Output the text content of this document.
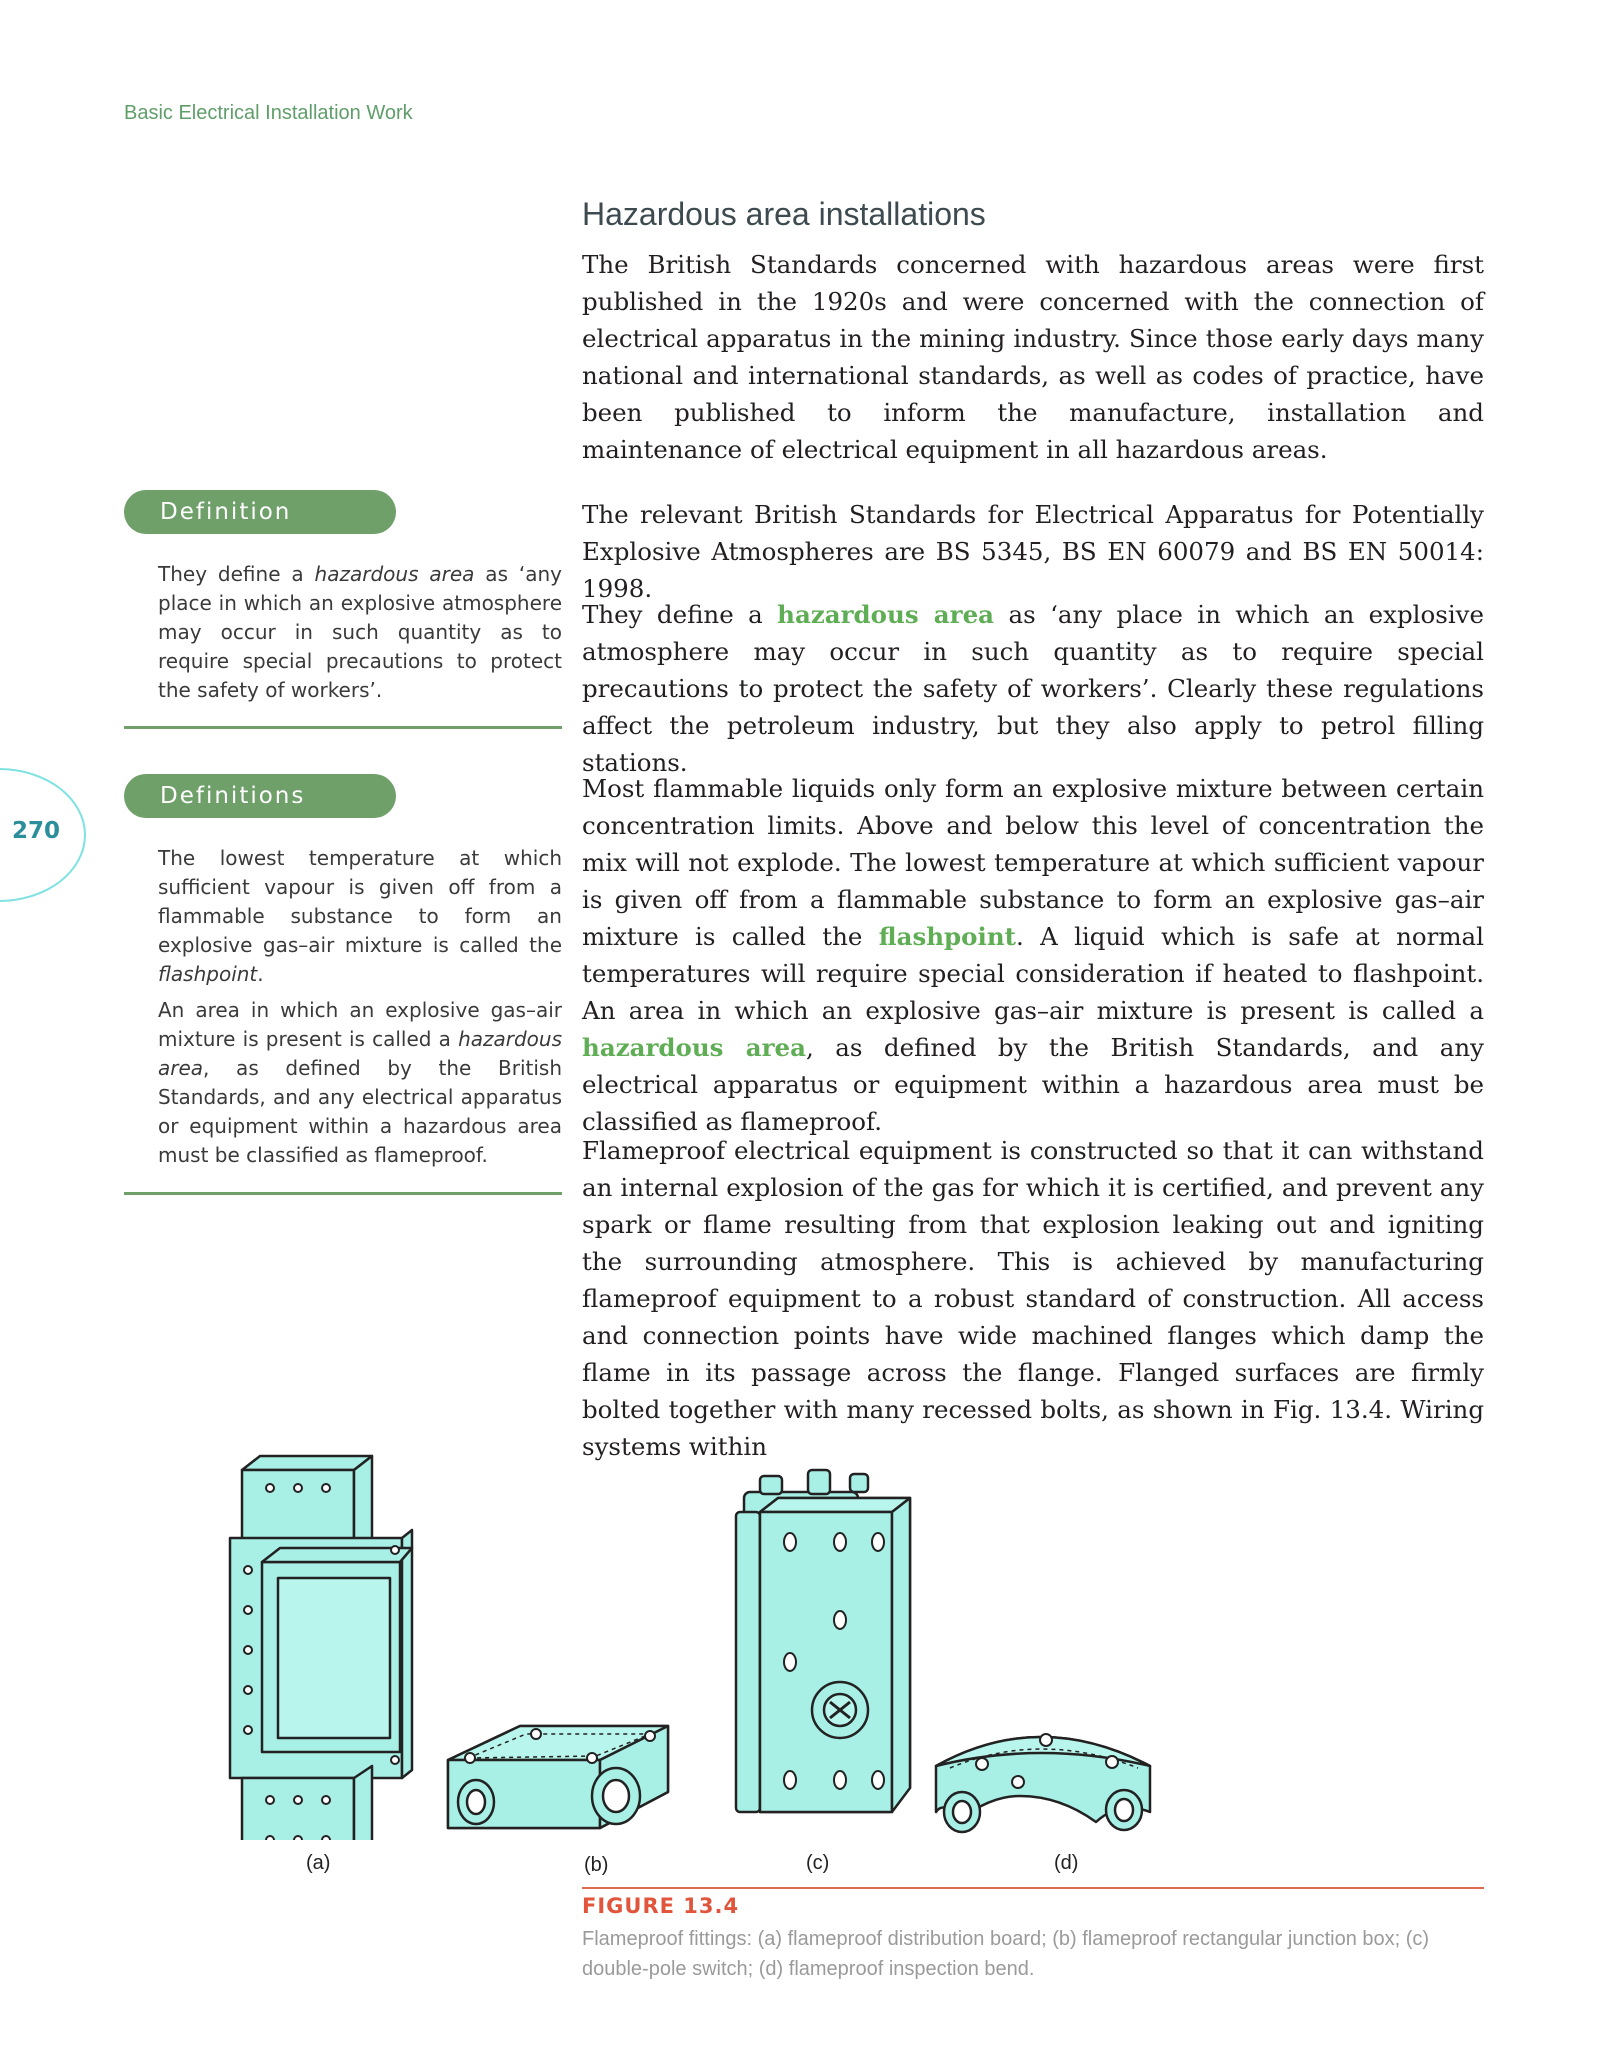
Basic Electrical Installation Work
270
Hazardous area installations

The British Standards concerned with hazardous areas were first published in the 1920s and were concerned with the connection of electrical apparatus in the mining industry. Since those early days many national and international standards, as well as codes of practice, have been published to inform the manufacture, installation and maintenance of electrical equipment in all hazardous areas.

The relevant British Standards for Electrical Apparatus for Potentially Explosive Atmospheres are BS 5345, BS EN 60079 and BS EN 50014: 1998.

They define a hazardous area as ‘any place in which an explosive atmosphere may occur in such quantity as to require special precautions to protect the safety of workers’. Clearly these regulations affect the petroleum industry, but they also apply to petrol filling stations.

Most flammable liquids only form an explosive mixture between certain concentration limits. Above and below this level of concentration the mix will not explode. The lowest temperature at which sufficient vapour is given off from a flammable substance to form an explosive gas–air mixture is called the flashpoint. A liquid which is safe at normal temperatures will require special consideration if heated to flashpoint. An area in which an explosive gas–air mixture is present is called a hazardous area, as defined by the British Standards, and any electrical apparatus or equipment within a hazardous area must be classified as flameproof.

Flameproof electrical equipment is constructed so that it can withstand an internal explosion of the gas for which it is certified, and prevent any spark or flame resulting from that explosion leaking out and igniting the surrounding atmosphere. This is achieved by manufacturing flameproof equipment to a robust standard of construction. All access and connection points have wide machined flanges which damp the flame in its passage across the flange. Flanged surfaces are firmly bolted together with many recessed bolts, as shown in Fig. 13.4. Wiring systems within

Definition

They define a hazardous area as ‘any place in which an explosive atmosphere may occur in such quantity as to require special precautions to protect the safety of workers’.

Definitions

The lowest temperature at which sufficient vapour is given off from a flammable substance to form an explosive gas–air mixture is called the flashpoint.

An area in which an explosive gas–air mixture is present is called a hazardous area, as defined by the British Standards, and any electrical apparatus or equipment within a hazardous area must be classified as flameproof.

(a)	(b)	(c)	(d)
FIGURE 13.4

Flameproof fittings: (a) flameproof distribution board; (b) flameproof rectangular junction box; (c) double-pole switch; (d) flameproof inspection bend.
